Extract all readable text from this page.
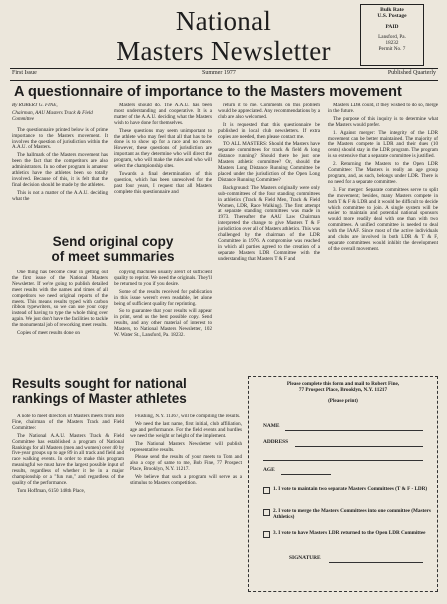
National
Masters Newsletter
Bulk Rate
U.S. Postage
PAID
Lansford, Pa.
18232
Permit No. 7
First Issue	Summer 1977	Published Quarterly
A questionnaire of importance to the Masters movement

By ROBERT G. FINE,

Chairman, AAU Masters Track & Field Committee

The questionnaire printed below is of prime importance to the Masters movement. It involves the question of jurisdiction within the A.A.U. of Masters.

The hallmark of the Masters movement has been the fact that the competitors are also administrators. In no other program is amateur athletics have the athletes been so totally involved. Because of this, it is felt that the final decision should be made by the athletes.

This is not a matter of the A.A.U. deciding what the

Masters should do. The A.A.U. has been most understanding and cooperative. It is a matter of the A.A.U. deciding what the Masters wish to have done for themselves.

These questions may seem unimportant to the athlete who may feel that all that has to be done is to show up for a race and no more. However, these questions of jurisdiction are important as they determine who will direct the program, who will make the rules and who will select the championship sites.

Towards a final determination of this question, which has been unresolved for the past four years, I request that all Masters complete this questionnaire and

return it to me. Comments on this problem would be appreciated. Any recommendations by a club are also welcomed.

It is requested that this questionnaire be published in local club newsletters. If extra copies are needed, then please contact me.

TO ALL MASTERS: Should the Masters have separate committees for track & field & long distance running? Should there be just one Masters athletic committee? Or, should the Masters Long Distance Running Committee be placed under the jurisdiction of the Open Long Distance Running Committee?

Background: The Masters originally were only sub-committees of the four standing committees in athletics (Track & Field Men, Track & Field Women, LDR, Race Walking). The first attempt at separate standing committees was made in 1973. Thereafter the AAU Law Chairman interpreted the change to give Masters T & F jurisdiction over all of Masters athletics. This was challenged by the chairman of the LDR Committee in 1976. A compromise was reached in which all parties agreed to the creation of a separate Masters LDR Committee with the understanding that Masters T & F and

Masters LDR could, if they wished to do so, merge in the future.

The purpose of this inquiry is to determine what the Masters would prefer.

1. Against merger: The integrity of the LDR movement can be better maintained. The majority of the Masters compete in LDR and their dues (10 cents) should stay in the LDR program. The program is so extensive that a separate committee is justified.

2. Returning the Masters to the Open LDR Committee: The Masters is really an age group program, and, as such, belongs under LDR. There is no need for a separate committee.

3. For merger: Separate committees serve to split the movement; besides, many Masters compete in both T & F & LDR and it would be difficult to decide which committee to join. A single system will be easier to maintain and potential national sponsors would more readily deal with one than with two committees. A unified committee is needed to deal with the IAAF. Since most of the active individuals and clubs are involved in both LDR & T & F, separate committees would inhibit the development of the overall movement.

Send original copy
of meet summaries

One thing has become clear in getting out the first issue of the National Masters Newsletter. If we're going to publish detailed meet results with the names and times of all competitors we need original reports of the meets. This means results typed with carbon ribbon typewriters, so we can use your copy instead of having to type the whole thing over again. We just don't have the facilities to tackle the monumental job of reworking meet results.

Copies of meet results done on

copying machines usually aren't of sufficient quality to reprint. We need the originals. They'll be returned to you if you desire.

Some of the results received for publication in this issue weren't even readable, let alone being of sufficient quality for reprinting.

So to guarantee that your results will appear in print, send us the best possible copy. Send results, and any other material of interest to Masters, to National Masters Newsletter, 102 W. Water St., Lansford, Pa. 18232.

Results sought for national
rankings of Master athletes

A note to meet directors of Masters meets from Bob Fine, chairman of the Masters Track and Field Committee:

The National A.A.U. Masters Track & Field Committee has established a program of National Rankings for all Masters (men and women) over 40 by five-year groups up to age 89 in all track and field and race walking events. In order to make this program meaningful we must have the largest possible input of results, regardless of whether it be in a major championship or a "fun run," and regardless of the quality of the performance.

Tom Hoffman, 6150 148th Place,

Flushing, N.Y. 11367, will be compiling the results.

We need the last name, first initial, club affiliation, age and performance. For the field events and hurdles we need the weight or height of the implement.

The National Masters Newsletter will publish representative results.

Please send the results of your meets to Tom and also a copy of same to me, Bob Fine, 77 Prospect Place, Brooklyn, N.Y. 11217.

We believe that such a program will serve as a stimulus to Masters competition.

Please complete this form and mail to Robert Fine,
77 Prospect Place, Brooklyn, N.Y. 11217
(Please print)
NAME
ADDRESS
AGE
1. I vote to maintain two separate Masters Committees (T & F - LDR)
2. I vote to merge the Masters Committees into one committee (Masters Athletics)
3. I vote to have Masters LDR returned to the Open LDR Committee
SIGNATURE
